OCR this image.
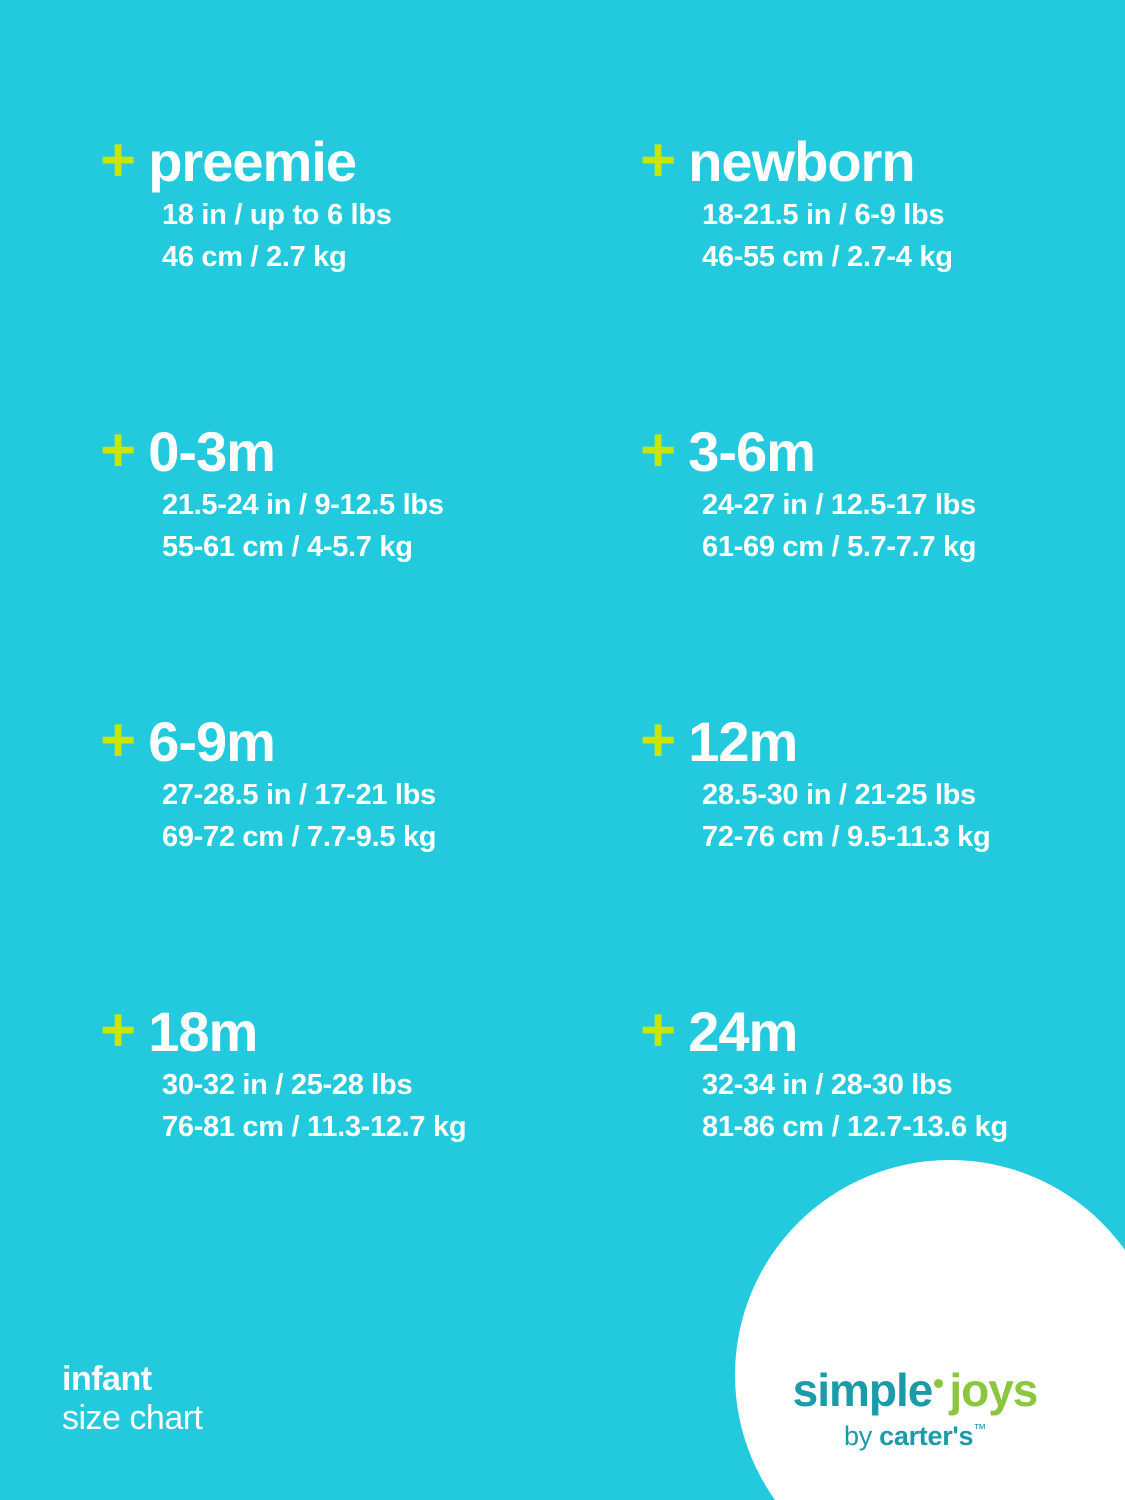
+ preemie
18 in / up to 6 lbs
46 cm / 2.7 kg
+ newborn
18-21.5 in / 6-9 lbs
46-55 cm / 2.7-4 kg
+ 0-3m
21.5-24 in / 9-12.5 lbs
55-61 cm / 4-5.7 kg
+ 3-6m
24-27 in / 12.5-17 lbs
61-69 cm / 5.7-7.7 kg
+ 6-9m
27-28.5 in / 17-21 lbs
69-72 cm / 7.7-9.5 kg
+ 12m
28.5-30 in / 21-25 lbs
72-76 cm / 9.5-11.3 kg
+ 18m
30-32 in / 25-28 lbs
76-81 cm / 11.3-12.7 kg
+ 24m
32-34 in / 28-30 lbs
81-86 cm / 12.7-13.6 kg
infant
size chart
simple joys
by carter's™
